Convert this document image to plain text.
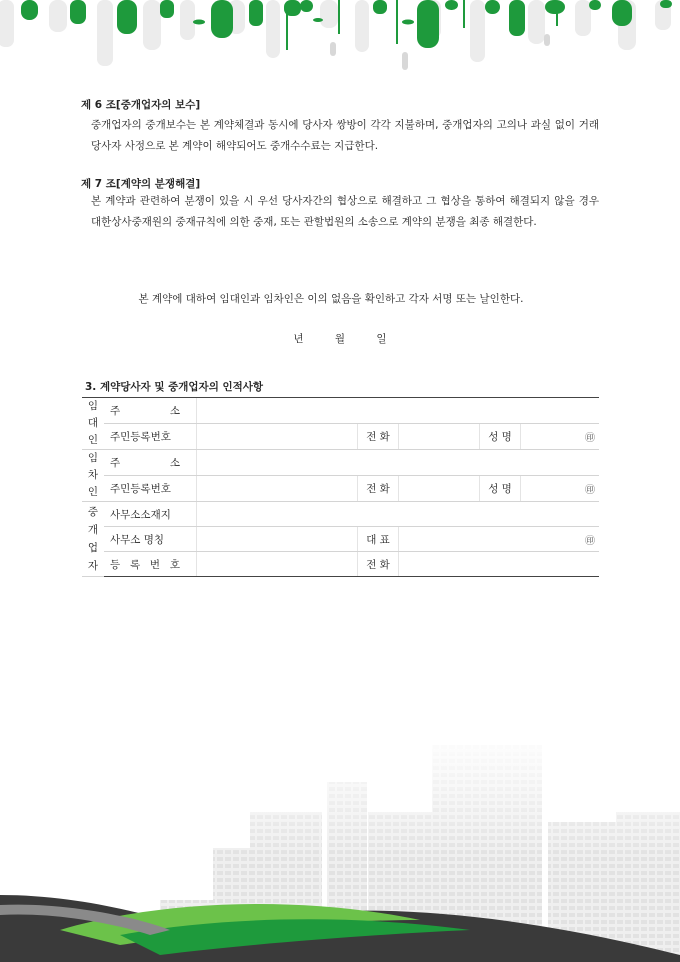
제 6 조[중개업자의 보수]

중개업자의 중개보수는 본 계약체결과 동시에 당사자 쌍방이 각각 지불하며, 중개업자의 고의나 과실 없이 거래당사자 사정으로 본 계약이 해약되어도 중개수수료는 지급한다.

제 7 조[계약의 분쟁해결]

본 계약과 관련하여 분쟁이 있을 시 우선 당사자간의 협상으로 해결하고 그 협상을 통하여 해결되지 않을 경우 대한상사중재원의 중재규칙에 의한 중재, 또는 관할법원의 소송으로 계약의 분쟁을 최종 해결한다.

본 계약에 대하여 임대인과 임차인은 이의 없음을 확인하고 각자 서명 또는 날인한다.
년	월	일
3. 계약당사자 및 중개업자의 인적사항
임
대
인	주 소					

	주민등록번호		전 화		성 명	㊞
임
차
인	주 소					

	주민등록번호		전 화		성 명	㊞
중
개
업
자	사무소소재지					
	사무소 명칭		대 표	㊞		

	등 록 번 호		전 화			
